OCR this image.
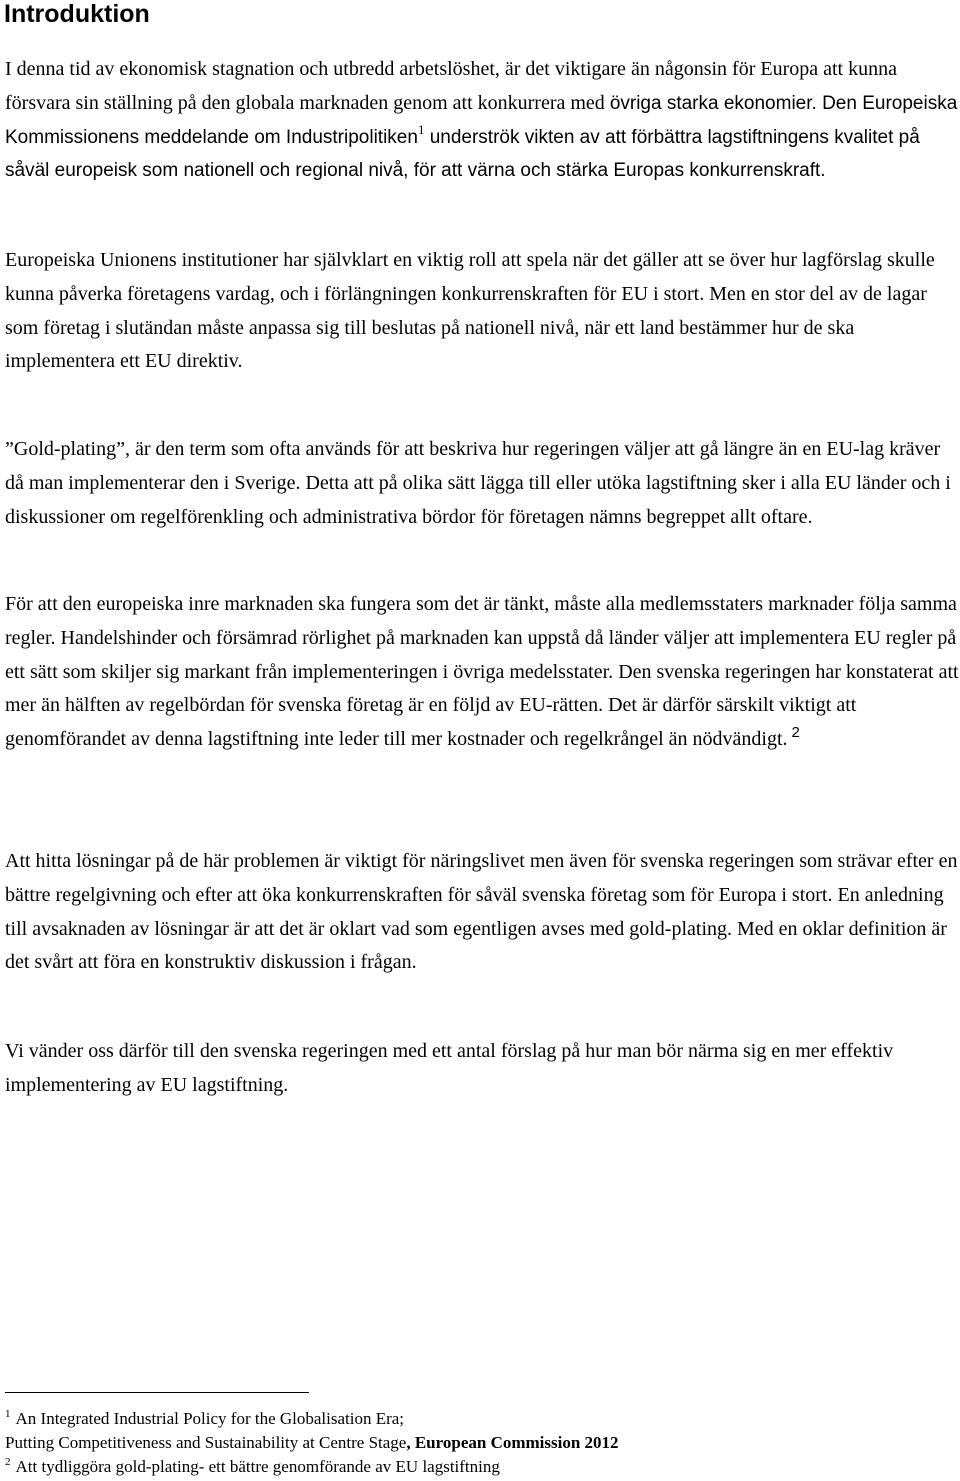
Introduktion

I denna tid av ekonomisk stagnation och utbredd arbetslöshet, är det viktigare än någonsin för Europa att kunna försvara sin ställning på den globala marknaden genom att konkurrera med övriga starka ekonomier. Den Europeiska Kommissionens meddelande om Industripolitiken$^1$ underströk vikten av att förbättra lagstiftningens kvalitet på såväl europeisk som nationell och regional nivå, för att värna och stärka Europas konkurrenskraft.

Europeiska Unionens institutioner har självklart en viktig roll att spela när det gäller att se över hur lagförslag skulle kunna påverka företagens vardag, och i förlängningen konkurrenskraften för EU i stort. Men en stor del av de lagar som företag i slutändan måste anpassa sig till beslutas på nationell nivå, när ett land bestämmer hur de ska implementera ett EU direktiv.

”Gold-plating”, är den term som ofta används för att beskriva hur regeringen väljer att gå längre än en EU-lag kräver då man implementerar den i Sverige. Detta att på olika sätt lägga till eller utöka lagstiftning sker i alla EU länder och i diskussioner om regelförenkling och administrativa bördor för företagen nämns begreppet allt oftare.

För att den europeiska inre marknaden ska fungera som det är tänkt, måste alla medlemsstaters marknader följa samma regler. Handelshinder och försämrad rörlighet på marknaden kan uppstå då länder väljer att implementera EU regler på ett sätt som skiljer sig markant från implementeringen i övriga medelsstater. Den svenska regeringen har konstaterat att mer än hälften av regelbördan för svenska företag är en följd av EU-rätten. Det är därför särskilt viktigt att genomförandet av denna lagstiftning inte leder till mer kostnader och regelkrångel än nödvändigt. $^2$

Att hitta lösningar på de här problemen är viktigt för näringslivet men även för svenska regeringen som strävar efter en bättre regelgivning och efter att öka konkurrenskraften för såväl svenska företag som för Europa i stort. En anledning till avsaknaden av lösningar är att det är oklart vad som egentligen avses med gold-plating. Med en oklar definition är det svårt att föra en konstruktiv diskussion i frågan.

Vi vänder oss därför till den svenska regeringen med ett antal förslag på hur man bör närma sig en mer effektiv implementering av EU lagstiftning.

$^1$ An Integrated Industrial Policy for the Globalisation Era;
Putting Competitiveness and Sustainability at Centre Stage, European Commission 2012

$^2$ Att tydliggöra gold-plating- ett bättre genomförande av EU lagstiftning
